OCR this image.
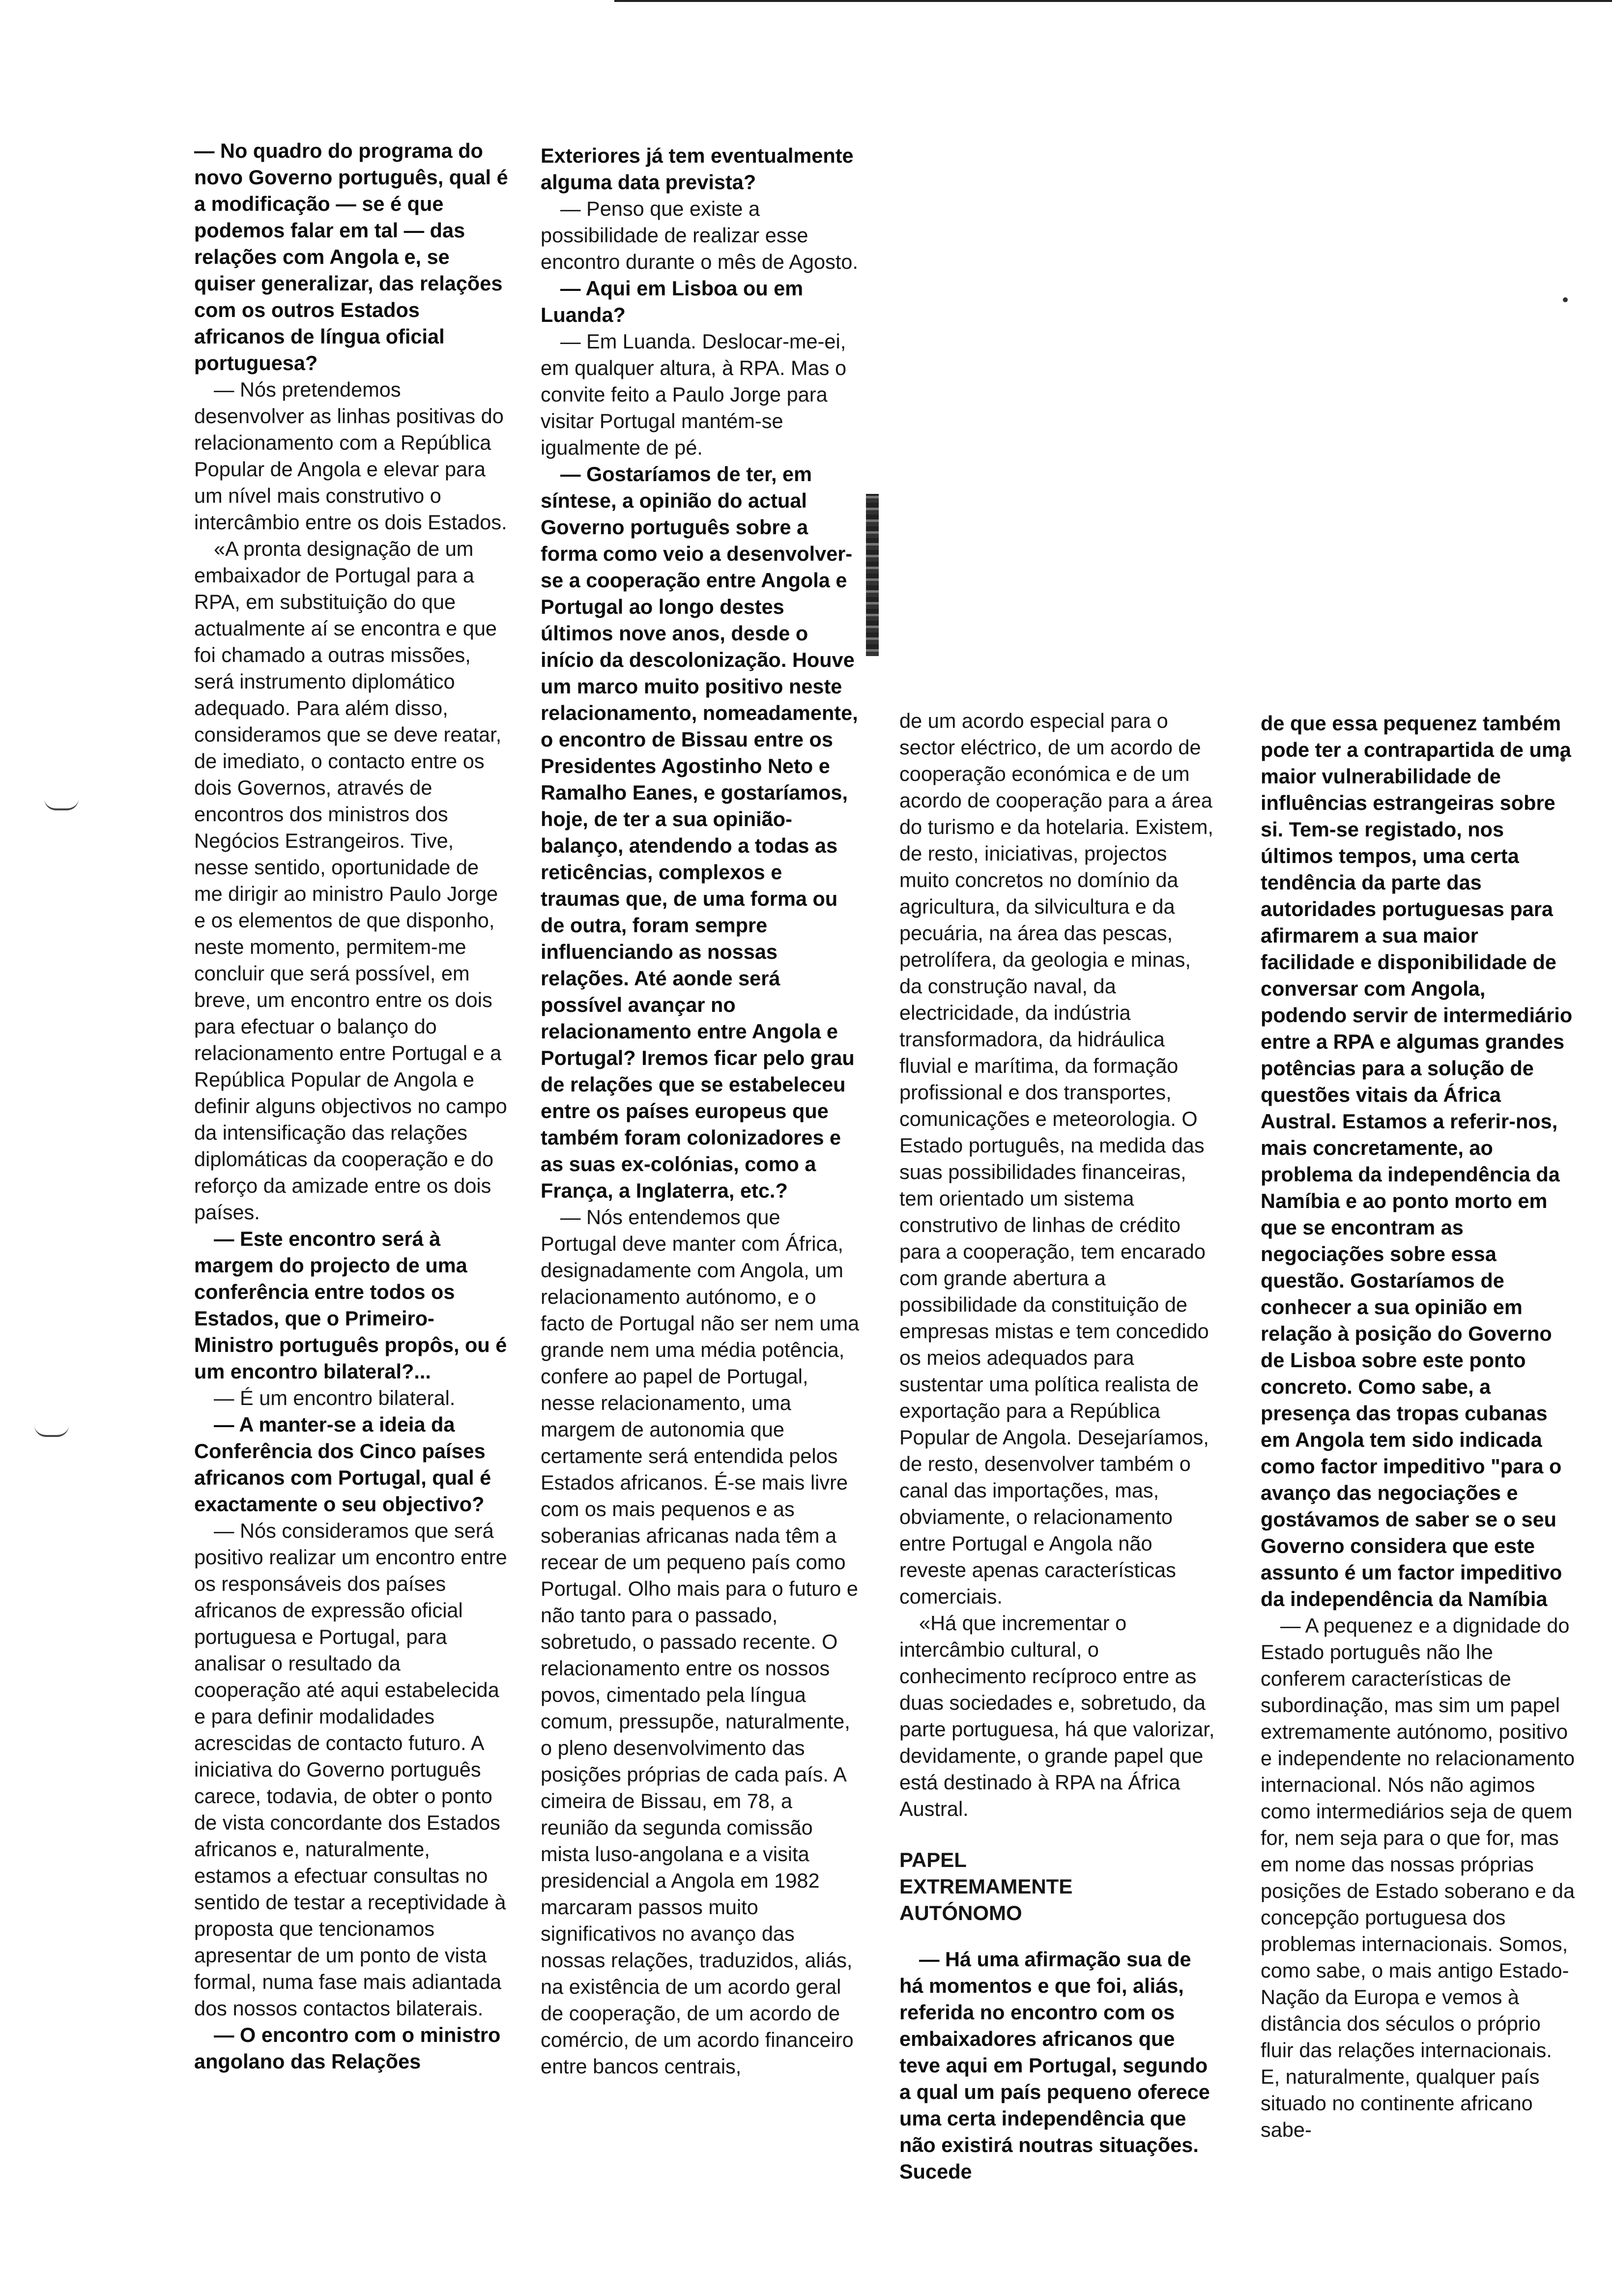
— No quadro do programa do novo Governo português, qual é a modificação — se é que podemos falar em tal — das relações com Angola e, se quiser generalizar, das relações com os outros Estados africanos de língua oficial portuguesa?

— Nós pretendemos desenvolver as linhas positivas do relacionamento com a República Popular de Angola e elevar para um nível mais construtivo o intercâmbio entre os dois Estados.

«A pronta designação de um embaixador de Portugal para a RPA, em substituição do que actualmente aí se encontra e que foi chamado a outras missões, será instrumento diplomático adequado. Para além disso, consideramos que se deve reatar, de imediato, o contacto entre os dois Governos, através de encontros dos ministros dos Negócios Estrangeiros. Tive, nesse sentido, oportunidade de me dirigir ao ministro Paulo Jorge e os elementos de que disponho, neste momento, permitem-me concluir que será possível, em breve, um encontro entre os dois para efectuar o balanço do relacionamento entre Portugal e a República Popular de Angola e definir alguns objectivos no campo da intensificação das relações diplomáticas da cooperação e do reforço da amizade entre os dois países.

— Este encontro será à margem do projecto de uma conferência entre todos os Estados, que o Primeiro-Ministro português propôs, ou é um encontro bilateral?...

— É um encontro bilateral.

— A manter-se a ideia da Conferência dos Cinco países africanos com Portugal, qual é exactamente o seu objectivo?

— Nós consideramos que será positivo realizar um encontro entre os responsáveis dos países africanos de expressão oficial portuguesa e Portugal, para analisar o resultado da cooperação até aqui estabelecida e para definir modalidades acrescidas de contacto futuro. A iniciativa do Governo português carece, todavia, de obter o ponto de vista concordante dos Estados africanos e, naturalmente, estamos a efectuar consultas no sentido de testar a receptividade à proposta que tencionamos apresentar de um ponto de vista formal, numa fase mais adiantada dos nossos contactos bilaterais.

— O encontro com o ministro angolano das Relações

Exteriores já tem eventualmente alguma data prevista?

— Penso que existe a possibilidade de realizar esse encontro durante o mês de Agosto.

— Aqui em Lisboa ou em Luanda?

— Em Luanda. Deslocar-me-ei, em qualquer altura, à RPA. Mas o convite feito a Paulo Jorge para visitar Portugal mantém-se igualmente de pé.

— Gostaríamos de ter, em síntese, a opinião do actual Governo português sobre a forma como veio a desenvolver-se a cooperação entre Angola e Portugal ao longo destes últimos nove anos, desde o início da descolonização. Houve um marco muito positivo neste relacionamento, nomeadamente, o encontro de Bissau entre os Presidentes Agostinho Neto e Ramalho Eanes, e gostaríamos, hoje, de ter a sua opinião-balanço, atendendo a todas as reticências, complexos e traumas que, de uma forma ou de outra, foram sempre influenciando as nossas relações. Até aonde será possível avançar no relacionamento entre Angola e Portugal? Iremos ficar pelo grau de relações que se estabeleceu entre os países europeus que também foram colonizadores e as suas ex-colónias, como a França, a Inglaterra, etc.?

— Nós entendemos que Portugal deve manter com África, designadamente com Angola, um relacionamento autónomo, e o facto de Portugal não ser nem uma grande nem uma média potência, confere ao papel de Portugal, nesse relacionamento, uma margem de autonomia que certamente será entendida pelos Estados africanos. É-se mais livre com os mais pequenos e as soberanias africanas nada têm a recear de um pequeno país como Portugal. Olho mais para o futuro e não tanto para o passado, sobretudo, o passado recente. O relacionamento entre os nossos povos, cimentado pela língua comum, pressupõe, naturalmente, o pleno desenvolvimento das posições próprias de cada país. A cimeira de Bissau, em 78, a reunião da segunda comissão mista luso-angolana e a visita presidencial a Angola em 1982 marcaram passos muito significativos no avanço das nossas relações, traduzidos, aliás, na existência de um acordo geral de cooperação, de um acordo de comércio, de um acordo financeiro entre bancos centrais,

de um acordo especial para o sector eléctrico, de um acordo de cooperação económica e de um acordo de cooperação para a área do turismo e da hotelaria. Existem, de resto, iniciativas, projectos muito concretos no domínio da agricultura, da silvicultura e da pecuária, na área das pescas, petrolífera, da geologia e minas, da construção naval, da electricidade, da indústria transformadora, da hidráulica fluvial e marítima, da formação profissional e dos transportes, comunicações e meteorologia. O Estado português, na medida das suas possibilidades financeiras, tem orientado um sistema construtivo de linhas de crédito para a cooperação, tem encarado com grande abertura a possibilidade da constituição de empresas mistas e tem concedido os meios adequados para sustentar uma política realista de exportação para a República Popular de Angola. Desejaríamos, de resto, desenvolver também o canal das importações, mas, obviamente, o relacionamento entre Portugal e Angola não reveste apenas características comerciais.

«Há que incrementar o intercâmbio cultural, o conhecimento recíproco entre as duas sociedades e, sobretudo, da parte portuguesa, há que valorizar, devidamente, o grande papel que está destinado à RPA na África Austral.

PAPEL EXTREMAMENTE AUTÓNOMO

— Há uma afirmação sua de há momentos e que foi, aliás, referida no encontro com os embaixadores africanos que teve aqui em Portugal, segundo a qual um país pequeno oferece uma certa independência que não existirá noutras situações. Sucede

de que essa pequenez também pode ter a contrapartida de uma maior vulnerabilidade de influências estrangeiras sobre si. Tem-se registado, nos últimos tempos, uma certa tendência da parte das autoridades portuguesas para afirmarem a sua maior facilidade e disponibilidade de conversar com Angola, podendo servir de intermediário entre a RPA e algumas grandes potências para a solução de questões vitais da África Austral. Estamos a referir-nos, mais concretamente, ao problema da independência da Namíbia e ao ponto morto em que se encontram as negociações sobre essa questão. Gostaríamos de conhecer a sua opinião em relação à posição do Governo de Lisboa sobre este ponto concreto. Como sabe, a presença das tropas cubanas em Angola tem sido indicada como factor impeditivo "para o avanço das negociações e gostávamos de saber se o seu Governo considera que este assunto é um factor impeditivo da independência da Namíbia

— A pequenez e a dignidade do Estado português não lhe conferem características de subordinação, mas sim um papel extremamente autónomo, positivo e independente no relacionamento internacional. Nós não agimos como intermediários seja de quem for, nem seja para o que for, mas em nome das nossas próprias posições de Estado soberano e da concepção portuguesa dos problemas internacionais. Somos, como sabe, o mais antigo Estado-Nação da Europa e vemos à distância dos séculos o próprio fluir das relações internacionais. E, naturalmente, qualquer país situado no continente africano sabe-
